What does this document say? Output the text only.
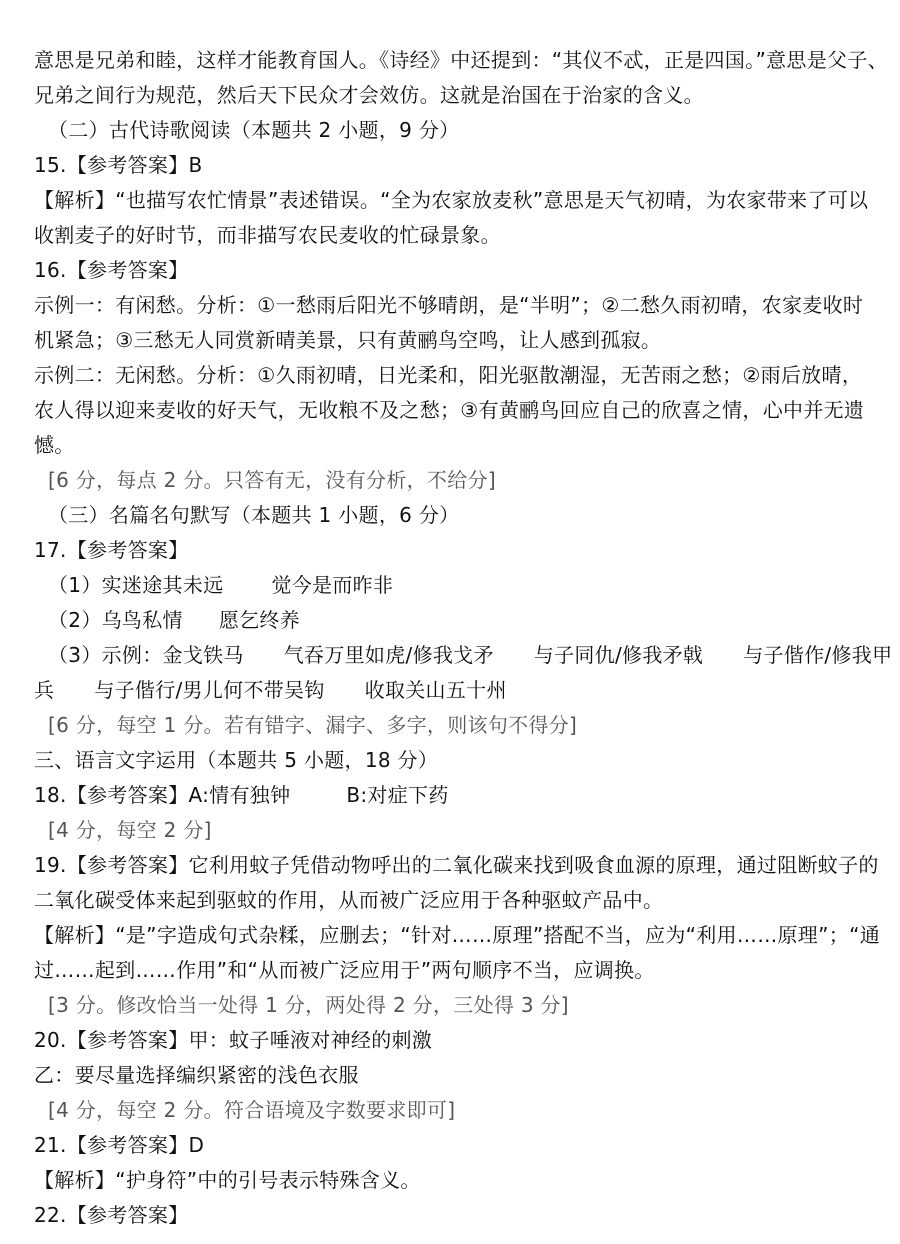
意思是兄弟和睦，这样才能教育国人。《诗经》中还提到：“其仪不忒，正是四国。”意思是父子、
兄弟之间行为规范，然后天下民众才会效仿。这就是治国在于治家的含义。
（二）古代诗歌阅读（本题共 2 小题，9 分）
15.【参考答案】B
【解析】“也描写农忙情景”表述错误。“全为农家放麦秋”意思是天气初晴，为农家带来了可以
收割麦子的好时节，而非描写农民麦收的忙碌景象。
16.【参考答案】
示例一：有闲愁。分析：①一愁雨后阳光不够晴朗，是“半明”；②二愁久雨初晴，农家麦收时
机紧急；③三愁无人同赏新晴美景，只有黄鹂鸟空鸣，让人感到孤寂。
示例二：无闲愁。分析：①久雨初晴，日光柔和，阳光驱散潮湿，无苦雨之愁；②雨后放晴，
农人得以迎来麦收的好天气，无收粮不及之愁；③有黄鹂鸟回应自己的欣喜之情，心中并无遗
憾。
[6 分，每点 2 分。只答有无，没有分析，不给分]
（三）名篇名句默写（本题共 1 小题，6 分）
17.【参考答案】
（1）实迷途其未远 觉今是而昨非
（2）乌鸟私情 愿乞终养
（3）示例：金戈铁马 气吞万里如虎/修我戈矛 与子同仇/修我矛戟 与子偕作/修我甲
兵 与子偕行/男儿何不带吴钩 收取关山五十州
[6 分，每空 1 分。若有错字、漏字、多字，则该句不得分]
三、语言文字运用（本题共 5 小题，18 分）
18.【参考答案】A:情有独钟	B:对症下药
[4 分，每空 2 分]
19.【参考答案】它利用蚊子凭借动物呼出的二氧化碳来找到吸食血源的原理，通过阻断蚊子的
二氧化碳受体来起到驱蚊的作用，从而被广泛应用于各种驱蚊产品中。
【解析】“是”字造成句式杂糅，应删去；“针对……原理”搭配不当，应为“利用……原理”；“通
过……起到……作用”和“从而被广泛应用于”两句顺序不当，应调换。
[3 分。修改恰当一处得 1 分，两处得 2 分，三处得 3 分]
20.【参考答案】甲：蚊子唾液对神经的刺激
乙：要尽量选择编织紧密的浅色衣服
[4 分，每空 2 分。符合语境及字数要求即可]
21.【参考答案】D
【解析】“护身符”中的引号表示特殊含义。
22.【参考答案】
